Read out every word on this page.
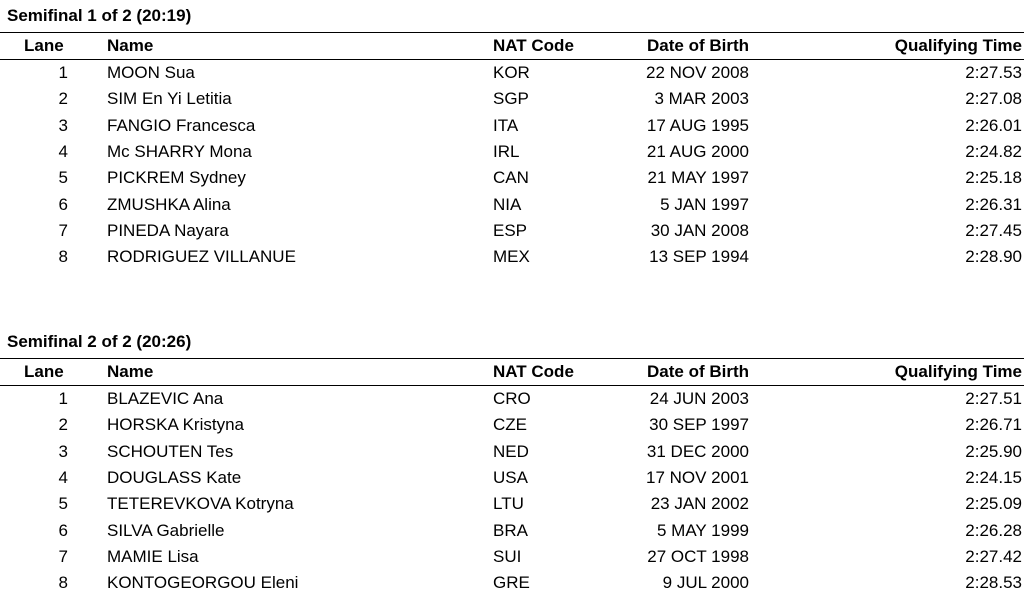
Semifinal 1 of 2 (20:19)
Lane	Name	NAT Code	Date of Birth	Qualifying Time
1 MOON Sua	KOR	22 NOV 2008	2:27.53
2 SIM En Yi Letitia	SGP	3 MAR 2003	2:27.08
3 FANGIO Francesca	ITA	17 AUG 1995	2:26.01
4 Mc SHARRY Mona	IRL	21 AUG 2000	2:24.82
5 PICKREM Sydney	CAN	21 MAY 1997	2:25.18
6 ZMUSHKA Alina	NIA	5 JAN 1997	2:26.31
7 PINEDA Nayara	ESP	30 JAN 2008	2:27.45
8 RODRIGUEZ VILLANUE	MEX	13 SEP 1994	2:28.90
Semifinal 2 of 2 (20:26)
Lane	Name	NAT Code	Date of Birth	Qualifying Time
1 BLAZEVIC Ana	CRO	24 JUN 2003	2:27.51
2 HORSKA Kristyna	CZE	30 SEP 1997	2:26.71
3 SCHOUTEN Tes	NED	31 DEC 2000	2:25.90
4 DOUGLASS Kate	USA	17 NOV 2001	2:24.15
5 TETEREVKOVA Kotryna	LTU	23 JAN 2002	2:25.09
6 SILVA Gabrielle	BRA	5 MAY 1999	2:26.28
7 MAMIE Lisa	SUI	27 OCT 1998	2:27.42
8 KONTOGEORGOU Eleni	GRE	9 JUL 2000	2:28.53
